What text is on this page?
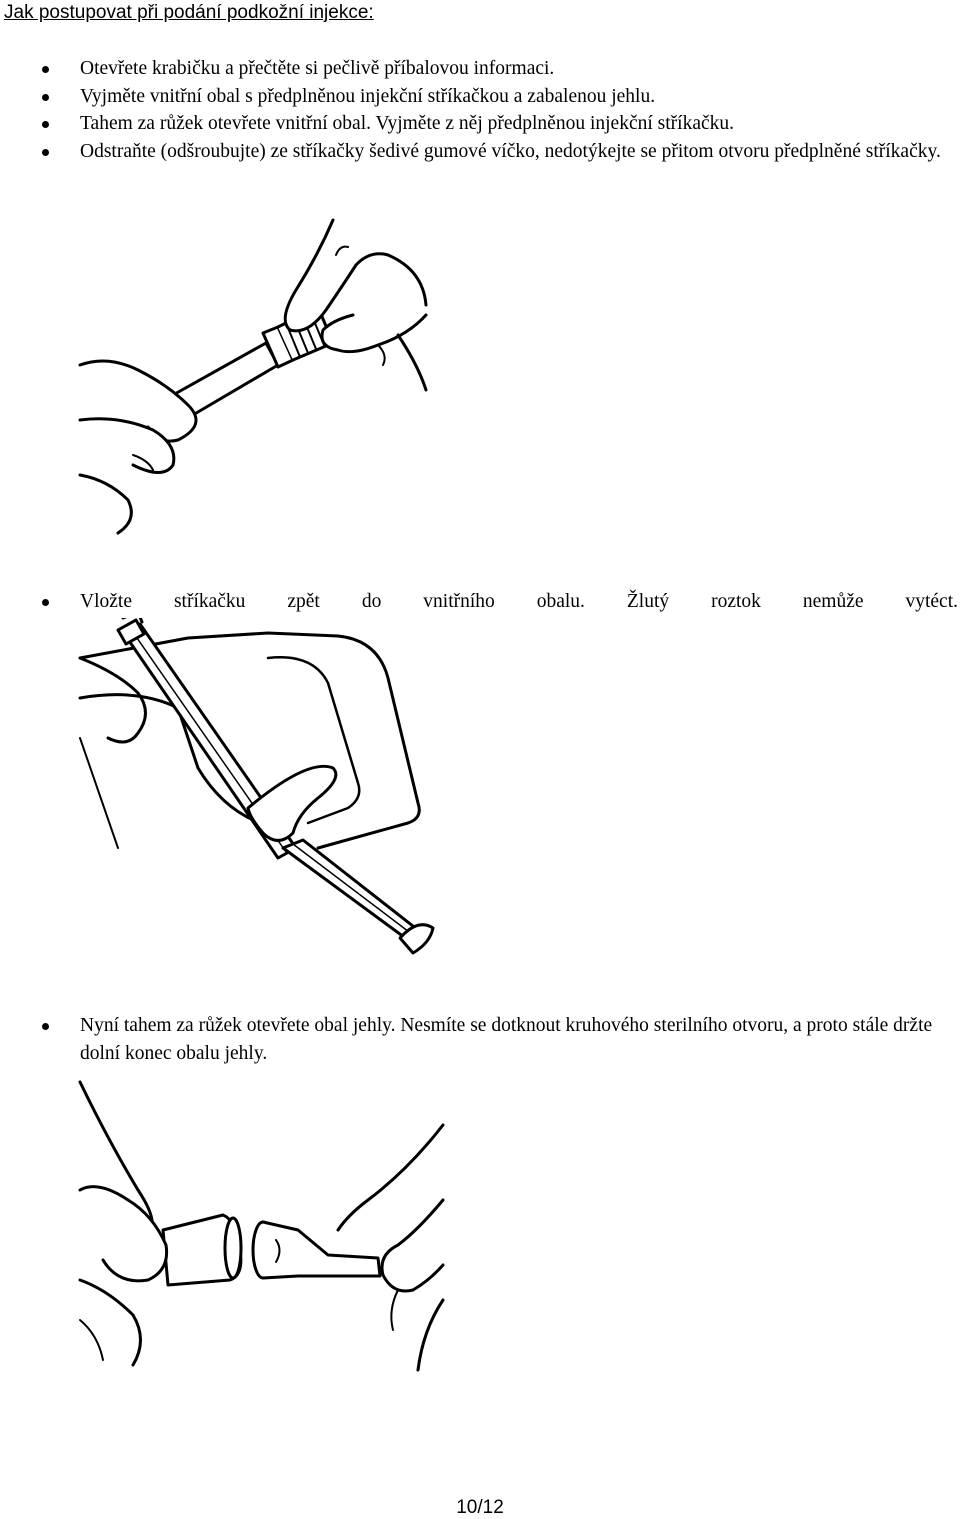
Jak postupovat při podání podkožní injekce:
Otevřete krabičku a přečtěte si pečlivě příbalovou informaci.
Vyjměte vnitřní obal s předplněnou injekční stříkačkou a zabalenou jehlu.
Tahem za růžek otevřete vnitřní obal. Vyjměte z něj předplněnou injekční stříkačku.
Odstraňte (odšroubujte) ze stříkačky šedivé gumové víčko, nedotýkejte se přitom otvoru předplněné stříkačky.
Vložte stříkačku zpět do vnitřního obalu. Žlutý roztok nemůže vytéct.
Nyní tahem za růžek otevřete obal jehly. Nesmíte se dotknout kruhového sterilního otvoru, a proto stále držte dolní konec obalu jehly.
10/12
